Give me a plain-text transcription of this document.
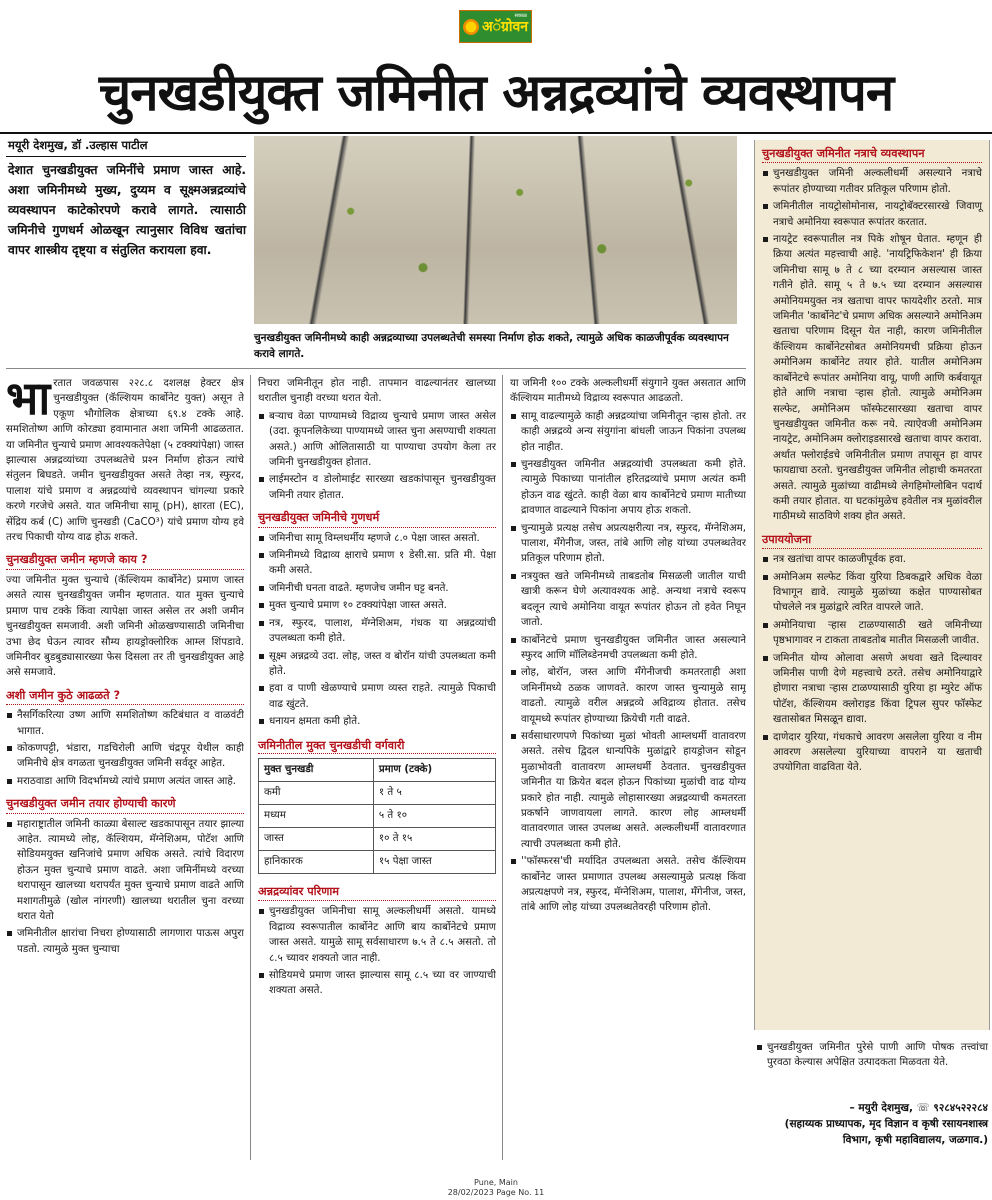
अॅग्रोवन
सकाळ
चुनखडीयुक्त जमिनीत अन्नद्रव्यांचे व्यवस्थापन
मयूरी देशमुख, डॉ .उल्हास पाटील
देशात चुनखडीयुक्त जमिनींचे प्रमाण जास्त आहे. अशा जमिनीमध्ये मुख्य, दुय्यम व सूक्ष्मअन्नद्रव्यांचे व्यवस्थापन काटेकोरपणे करावे लागते. त्यासाठी जमिनीचे गुणधर्म ओळखून त्यानुसार विविध खतांचा वापर शास्त्रीय दृष्ट्या व संतुलित करायला हवा.
चुनखडीयुक्त जमिनीमध्ये काही अन्नद्रव्याच्या उपलब्धतेची समस्या निर्माण होऊ शकते, त्यामुळे अधिक काळजीपूर्वक व्यवस्थापन करावे लागते.

भारतात जवळपास २२८.८ दशलक्ष हेक्टर क्षेत्र चुनखडीयुक्त (कॅल्शियम कार्बोनेट युक्त) असून ते एकूण भौगोलिक क्षेत्राच्या ६९.४ टक्के आहे. समशितोष्ण आणि कोरड्या हवामानात अशा जमिनी आढळतात. या जमिनीत चुन्याचे प्रमाण आवश्यकतेपेक्षा (५ टक्क्यांपेक्षा) जास्त झाल्यास अन्नद्रव्यांच्या उपलब्धतेचे प्रश्‍न निर्माण होऊन त्यांचे संतुलन बिघडते. जमीन चुनखडीयुक्त असते तेव्हा नत्र, स्फुरद, पालाश यांचे प्रमाण व अन्नद्रव्यांचे व्यवस्थापन चांगल्या प्रकारे करणे गरजेचे असते. यात जमिनीचा सामू (pH), क्षारता (EC), सेंद्रिय कर्ब (C) आणि चुनखडी (CaCO³) यांचे प्रमाण योग्य हवे तरच पिकाची योग्य वाढ होऊ शकते.

चुनखडीयुक्त जमीन म्हणजे काय ?

ज्या जमिनीत मुक्त चुन्याचे (कॅल्शियम कार्बोनेट) प्रमाण जास्त असते त्यास चुनखडीयुक्त जमीन म्हणतात. यात मुक्त चुन्याचे प्रमाण पाच टक्के किंवा त्यापेक्षा जास्त असेल तर अशी जमीन चुनखडीयुक्त समजावी. अशी जमिनी ओळखण्यासाठी जमिनीचा उभा छेद घेऊन त्यावर सौम्य हायड्रोक्लोरिक आम्ल शिंपडावे. जमिनीवर बुडबुड्यासारख्या फेस दिसला तर ती चुनखडीयुक्त आहे असे समजावे.

अशी जमीन कुठे आढळते ?
नैसर्गिकरित्या उष्ण आणि समशितोष्ण कटिबंधात व वाळवंटी भागात.
कोकणपट्टी, भंडारा, गडचिरोली आणि चंद्रपूर येथील काही जमिनीचे क्षेत्र वगळता चुनखडीयुक्त जमिनी सर्वदूर आहेत.
मराठवाडा आणि विदर्भामध्ये त्यांचे प्रमाण अत्यंत जास्त आहे.
चुनखडीयुक्त जमीन तयार होण्याची कारणे
महाराष्ट्रातील जमिनी काळ्या बेसाल्ट खडकापासून तयार झाल्या आहेत. त्यामध्ये लोह, कॅल्शियम, मॅग्नेशिअम, पोटॅश आणि सोडियमयुक्त खनिजांचे प्रमाण अधिक असते. त्यांचे विदारण होऊन मुक्त चुन्याचे प्रमाण वाढते. अशा जमिनींमध्ये वरच्या थरापासून खालच्या थरापर्यंत मुक्त चुन्याचे प्रमाण वाढते आणि मशागतीमुळे (खोल नांगरणी) खालच्या थरातील चुना वरच्या थरात येतो
जमिनीतील क्षारांचा निचरा होण्यासाठी लागणारा पाऊस अपुरा पडतो. त्यामुळे मुक्त चुन्याचा

निचरा जमिनीतून होत नाही. तापमान वाढल्यानंतर खालच्या थरातील चुनाही वरच्या थरात येतो.

बऱ्याच वेळा पाण्यामध्ये विद्राव्य चुन्याचे प्रमाण जास्त असेल (उदा. कूपनलिकेच्या पाण्यामध्ये जास्त चुना असण्याची शक्यता असते.) आणि ओलितासाठी या पाण्याचा उपयोग केला तर जमिनी चुनखडीयुक्त होतात.
लाईमस्टोन व डोलोमाईट सारख्या खडकांपासून चुनखडीयुक्त जमिनी तयार होतात.
चुनखडीयुक्त जमिनीचे गुणधर्म
जमिनीचा सामू विम्लधर्मीय म्हणजे ८.० पेक्षा जास्त असतो.
जमिनीमध्ये विद्राव्य क्षाराचे प्रमाण १ डेसी.सा. प्रति मी. पेक्षा कमी असते.
जमिनीची घनता वाढते. म्हणजेच जमीन घट्ट बनते.
मुक्त चुन्याचे प्रमाण १० टक्क्यांपेक्षा जास्त असते.
नत्र, स्फुरद, पालाश, मॅग्नेशिअम, गंधक या अन्नद्रव्यांची उपलब्धता कमी होते.
सूक्ष्म अन्नद्रव्ये उदा. लोह, जस्त व बोरॉन यांची उपलब्धता कमी होते.
हवा व पाणी खेळण्याचे प्रमाण व्यस्त राहते. त्यामुळे पिकाची वाढ खुंटते.
धनायन क्षमता कमी होते.
जमिनीतील मुक्त चुनखडीची वर्गवारी
मुक्त चुनखडी	प्रमाण (टक्के)
कमी	१ ते ५
मध्यम	५ ते १०
जास्त	१० ते १५
हानिकारक	१५ पेक्षा जास्त
अन्नद्रव्यांवर परिणाम
चुनखडीयुक्त जमिनीचा सामू अल्कलीधर्मी असतो. यामध्ये विद्राव्य स्वरूपातील कार्बोनेट आणि बाय कार्बोनेटचे प्रमाण जास्त असते. यामुळे सामू सर्वसाधारण ७.५ ते ८.५ असतो. तो ८.५ च्यावर शक्यतो जात नाही.
सोडियमचे प्रमाण जास्त झाल्यास सामू ८.५ च्या वर जाण्याची शक्यता असते.

या जमिनी १०० टक्के अल्कलीधर्मी संयुगाने युक्त असतात आणि कॅल्शियम मातीमध्ये विद्राव्य स्वरूपात आढळतो.

सामू वाढल्यामुळे काही अन्नद्रव्यांचा जमिनीतून ऱ्हास होतो. तर काही अन्नद्रव्ये अन्य संयुगांना बांधली जाऊन पिकांना उपलब्ध होत नाहीत.
चुनखडीयुक्त जमिनीत अन्नद्रव्यांची उपलब्धता कमी होते. त्यामुळे पिकाच्या पानांतील हरितद्रव्यांचे प्रमाण अत्यंत कमी होऊन वाढ खुंटते. काही वेळा बाय कार्बोनेटचे प्रमाण मातीच्या द्रावणात वाढल्याने पिकांना अपाय होऊ शकतो.
चुन्यामुळे प्रत्यक्ष तसेच अप्रत्यक्षरीत्या नत्र, स्फुरद, मॅग्नेशिअम, पालाश, मँगेनीज, जस्त, तांबे आणि लोह यांच्या उपलब्धतेवर प्रतिकूल परिणाम होतो.
नत्रयुक्त खते जमिनीमध्ये ताबडतोब मिसळली जातील याची खात्री करून घेणे अत्यावश्यक आहे. अन्यथा नत्राचे स्वरूप बदलून त्याचे अमोनिया वायूत रूपांतर होऊन तो हवेत निघून जातो.
कार्बोनेटचे प्रमाण चुनखडीयुक्त जमिनीत जास्त असल्याने स्फुरद आणि मॉलिब्डेनमची उपलब्धता कमी होते.
लोह, बोरॉन, जस्त आणि मँगेनीजची कमतरताही अशा जमिनींमध्ये ठळक जाणवते. कारण जास्त चुन्यामुळे सामू वाढतो. त्यामुळे वरील अन्नद्रव्ये अविद्राव्य होतात. तसेच वायूमध्ये रूपांतर होण्याच्या क्रियेची गती वाढते.
सर्वसाधारणपणे पिकांच्या मुळां भोवती आम्लधर्मी वातावरण असते. तसेच द्विदल धान्यपिके मुळांद्वारे हायड्रोजन सोडून मुळाभोवती वातावरण आम्लधर्मी ठेवतात. चुनखडीयुक्त जमिनीत या क्रियेत बदल होऊन पिकांच्या मुळांची वाढ योग्य प्रकारे होत नाही. त्यामुळे लोहासारख्या अन्नद्रव्याची कमतरता प्रकर्षाने जाणवायला लागते. कारण लोह आम्लधर्मी वातावरणात जास्त उपलब्ध असते. अल्कलीधर्मी वातावरणात त्याची उपलब्धता कमी होते.
''फॉस्फरस'ची मर्यादित उपलब्धता असते. तसेच कॅल्शियम कार्बोनेट जास्त प्रमाणात उपलब्ध असल्यामुळे प्रत्यक्ष किंवा अप्रत्यक्षपणे नत्र, स्फुरद, मॅग्नेशिअम, पालाश, मँगेनीज, जस्त, तांबे आणि लोह यांच्या उपलब्धतेवरही परिणाम होतो.
चुनखडीयुक्त जमिनीत नत्राचे व्यवस्थापन
चुनखडीयुक्त जमिनी अल्कलीधर्मी असल्याने नत्राचे रूपांतर होण्याच्या गतीवर प्रतिकूल परिणाम होतो.
जमिनीतील नायट्रोसोमोनास, नायट्रोबॅक्टरसारखे जिवाणू नत्राचे अमोनिया स्वरूपात रूपांतर करतात.
नायट्रेट स्वरूपातील नत्र पिके शोषून घेतात. म्हणून ही क्रिया अत्यंत महत्त्वाची आहे. 'नायट्रिफिकेशन' ही क्रिया जमिनीचा सामू ७ ते ८ च्या दरम्यान असल्यास जास्त गतीने होते. सामू ५ ते ७.५ च्या दरम्यान असल्यास अमोनियमयुक्त नत्र खताचा वापर फायदेशीर ठरतो. मात्र जमिनीत 'कार्बोनेट'चे प्रमाण अधिक असल्याने अमोनिअम खताचा परिणाम दिसून येत नाही, कारण जमिनीतील कॅल्शियम कार्बोनेटसोबत अमोनियमची प्रक्रिया होऊन अमोनिअम कार्बोनेट तयार होते. यातील अमोनिअम कार्बोनेटचे रूपांतर अमोनिया वायू, पाणी आणि कर्बवायूत होते आणि नत्राचा ऱ्हास होतो. त्यामुळे अमोनिअम सल्फेट, अमोनिअम फॉस्फेटसारख्या खताचा वापर चुनखडीयुक्त जमिनीत करू नये. त्याऐवजी अमोनिअम नायट्रेट, अमोनिअम क्लोराइडसारखे खताचा वापर करावा. अर्थात फ्लोराईडचे जमिनीतील प्रमाण तपासून हा वापर फायद्याचा ठरतो. चुनखडीयुक्त जमिनीत लोहाची कमतरता असते. त्यामुळे मुळांच्या वाढीमध्ये लेगहिमोग्लोबिन पदार्थ कमी तयार होतात. या घटकांमुळेच हवेतील नत्र मुळांवरील गाठीमध्ये साठविणे शक्य होत असते.
उपाययोजना
नत्र खतांचा वापर काळजीपूर्वक हवा.
अमोनिअम सल्फेट किंवा युरिया ठिबकद्वारे अधिक वेळा विभागून द्यावे. त्यामुळे मुळांच्या कक्षेत पाण्यासोबत पोचलेले नत्र मुळांद्वारे त्वरित वापरले जाते.
अमोनियाचा ऱ्हास टाळण्यासाठी खते जमिनीच्या पृष्ठभागावर न टाकता ताबडतोब मातीत मिसळली जावीत.
जमिनीत योग्य ओलावा असणे अथवा खते दिल्यावर जमिनीस पाणी देणे महत्त्वाचे ठरते. तसेच अमोनियाद्वारे होणारा नत्राचा ऱ्हास टाळण्यासाठी युरिया हा म्युरेट ऑफ पोटॅश, कॅल्शियम क्लोराइड किंवा ट्रिपल सुपर फॉस्फेट खतासोबत मिसळून द्यावा.
दाणेदार युरिया, गंधकाचे आवरण असलेला युरिया व नीम आवरण असलेल्या युरियाच्या वापराने या खताची उपयोगिता वाढविता येते.
चुनखडीयुक्त जमिनीत पुरेसे पाणी आणि पोषक तत्त्वांचा पुरवठा केल्यास अपेक्षित उत्पादकता मिळवता येते.
– मयुरी देशमुख, ☏ ९२८४५२२२८४
(सहाय्यक प्राध्यापक, मृद विज्ञान व कृषी रसायनशास्त्र विभाग, कृषी महाविद्यालय, जळगाव.)
Pune, Main
28/02/2023 Page No. 11
